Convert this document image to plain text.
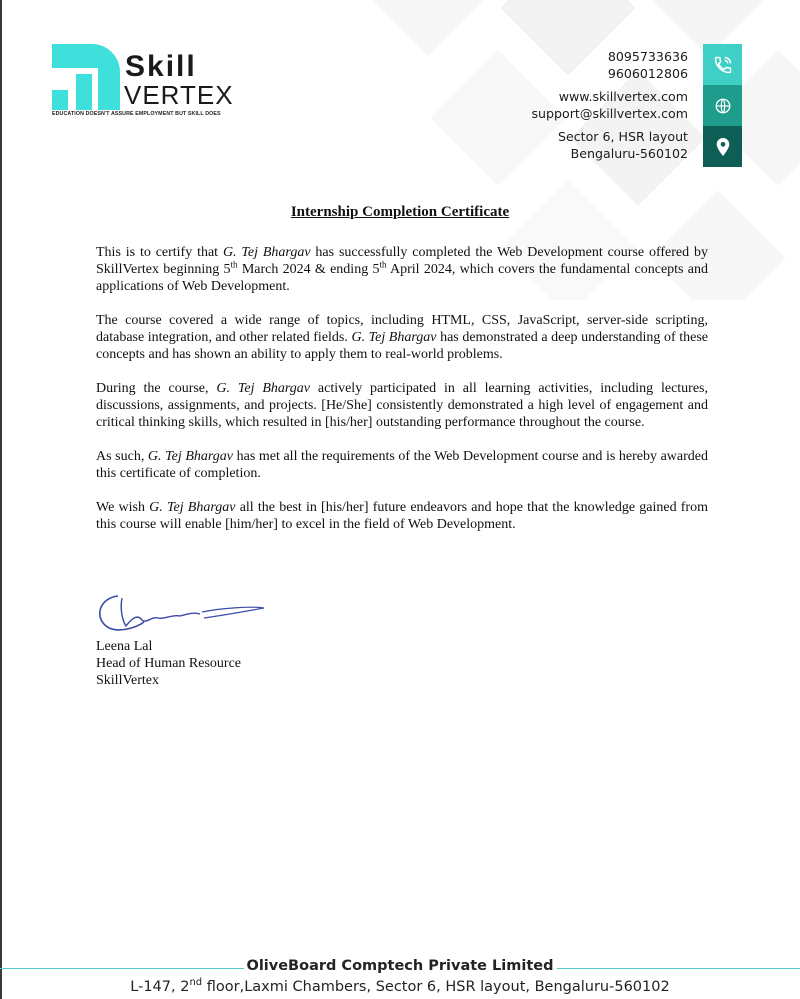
Skill
VERTEX
EDUCATION DOESN'T ASSURE EMPLOYMENT BUT SKILL DOES
8095733636
9606012806
www.skillvertex.com
support@skillvertex.com
Sector 6, HSR layout
Bengaluru-560102
Internship Completion Certificate

This is to certify that G. Tej Bhargav has successfully completed the Web Development course offered by SkillVertex beginning 5th March 2024 & ending 5th April 2024, which covers the fundamental concepts and applications of Web Development.

The course covered a wide range of topics, including HTML, CSS, JavaScript, server-side scripting, database integration, and other related fields. G. Tej Bhargav has demonstrated a deep understanding of these concepts and has shown an ability to apply them to real-world problems.

During the course, G. Tej Bhargav actively participated in all learning activities, including lectures, discussions, assignments, and projects. [He/She] consistently demonstrated a high level of engagement and critical thinking skills, which resulted in [his/her] outstanding performance throughout the course.

As such, G. Tej Bhargav has met all the requirements of the Web Development course and is hereby awarded this certificate of completion.

We wish G. Tej Bhargav all the best in [his/her] future endeavors and hope that the knowledge gained from this course will enable [him/her] to excel in the field of Web Development.

Leena Lal
Head of Human Resource
SkillVertex
OliveBoard Comptech Private Limited
L-147, 2nd floor,Laxmi Chambers, Sector 6, HSR layout, Bengaluru-560102
